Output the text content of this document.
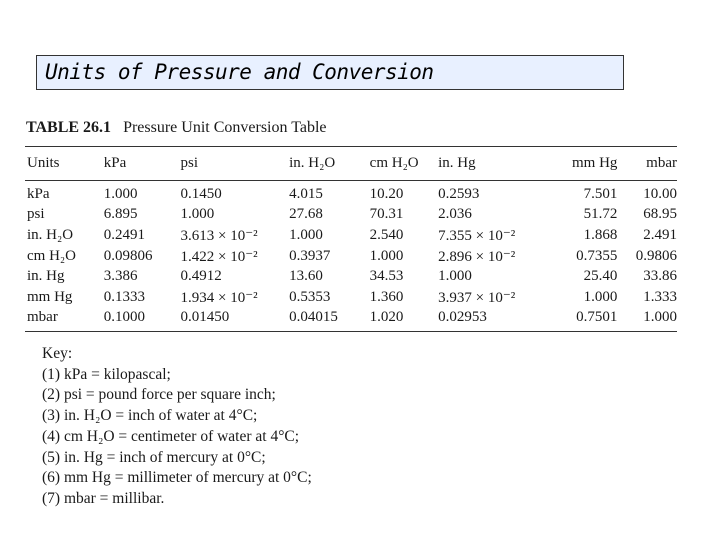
Units of Pressure and Conversion
TABLE 26.1 Pressure Unit Conversion Table
Units	kPa	psi	in. H₂O	cm H₂O	in. Hg	mm Hg	mbar
kPa	1.000	0.1450	4.015	10.20	0.2593	7.501	10.00
psi	6.895	1.000	27.68	70.31	2.036	51.72	68.95
in. H₂O	0.2491	3.613 × 10⁻²	1.000	2.540	7.355 × 10⁻²	1.868	2.491
cm H₂O	0.09806	1.422 × 10⁻²	0.3937	1.000	2.896 × 10⁻²	0.7355	0.9806
in. Hg	3.386	0.4912	13.60	34.53	1.000	25.40	33.86
mm Hg	0.1333	1.934 × 10⁻²	0.5353	1.360	3.937 × 10⁻²	1.000	1.333
mbar	0.1000	0.01450	0.04015	1.020	0.02953	0.7501	1.000
Key:
(1) kPa = kilopascal;
(2) psi = pound force per square inch;
(3) in. H₂O = inch of water at 4°C;
(4) cm H₂O = centimeter of water at 4°C;
(5) in. Hg = inch of mercury at 0°C;
(6) mm Hg = millimeter of mercury at 0°C;
(7) mbar = millibar.
